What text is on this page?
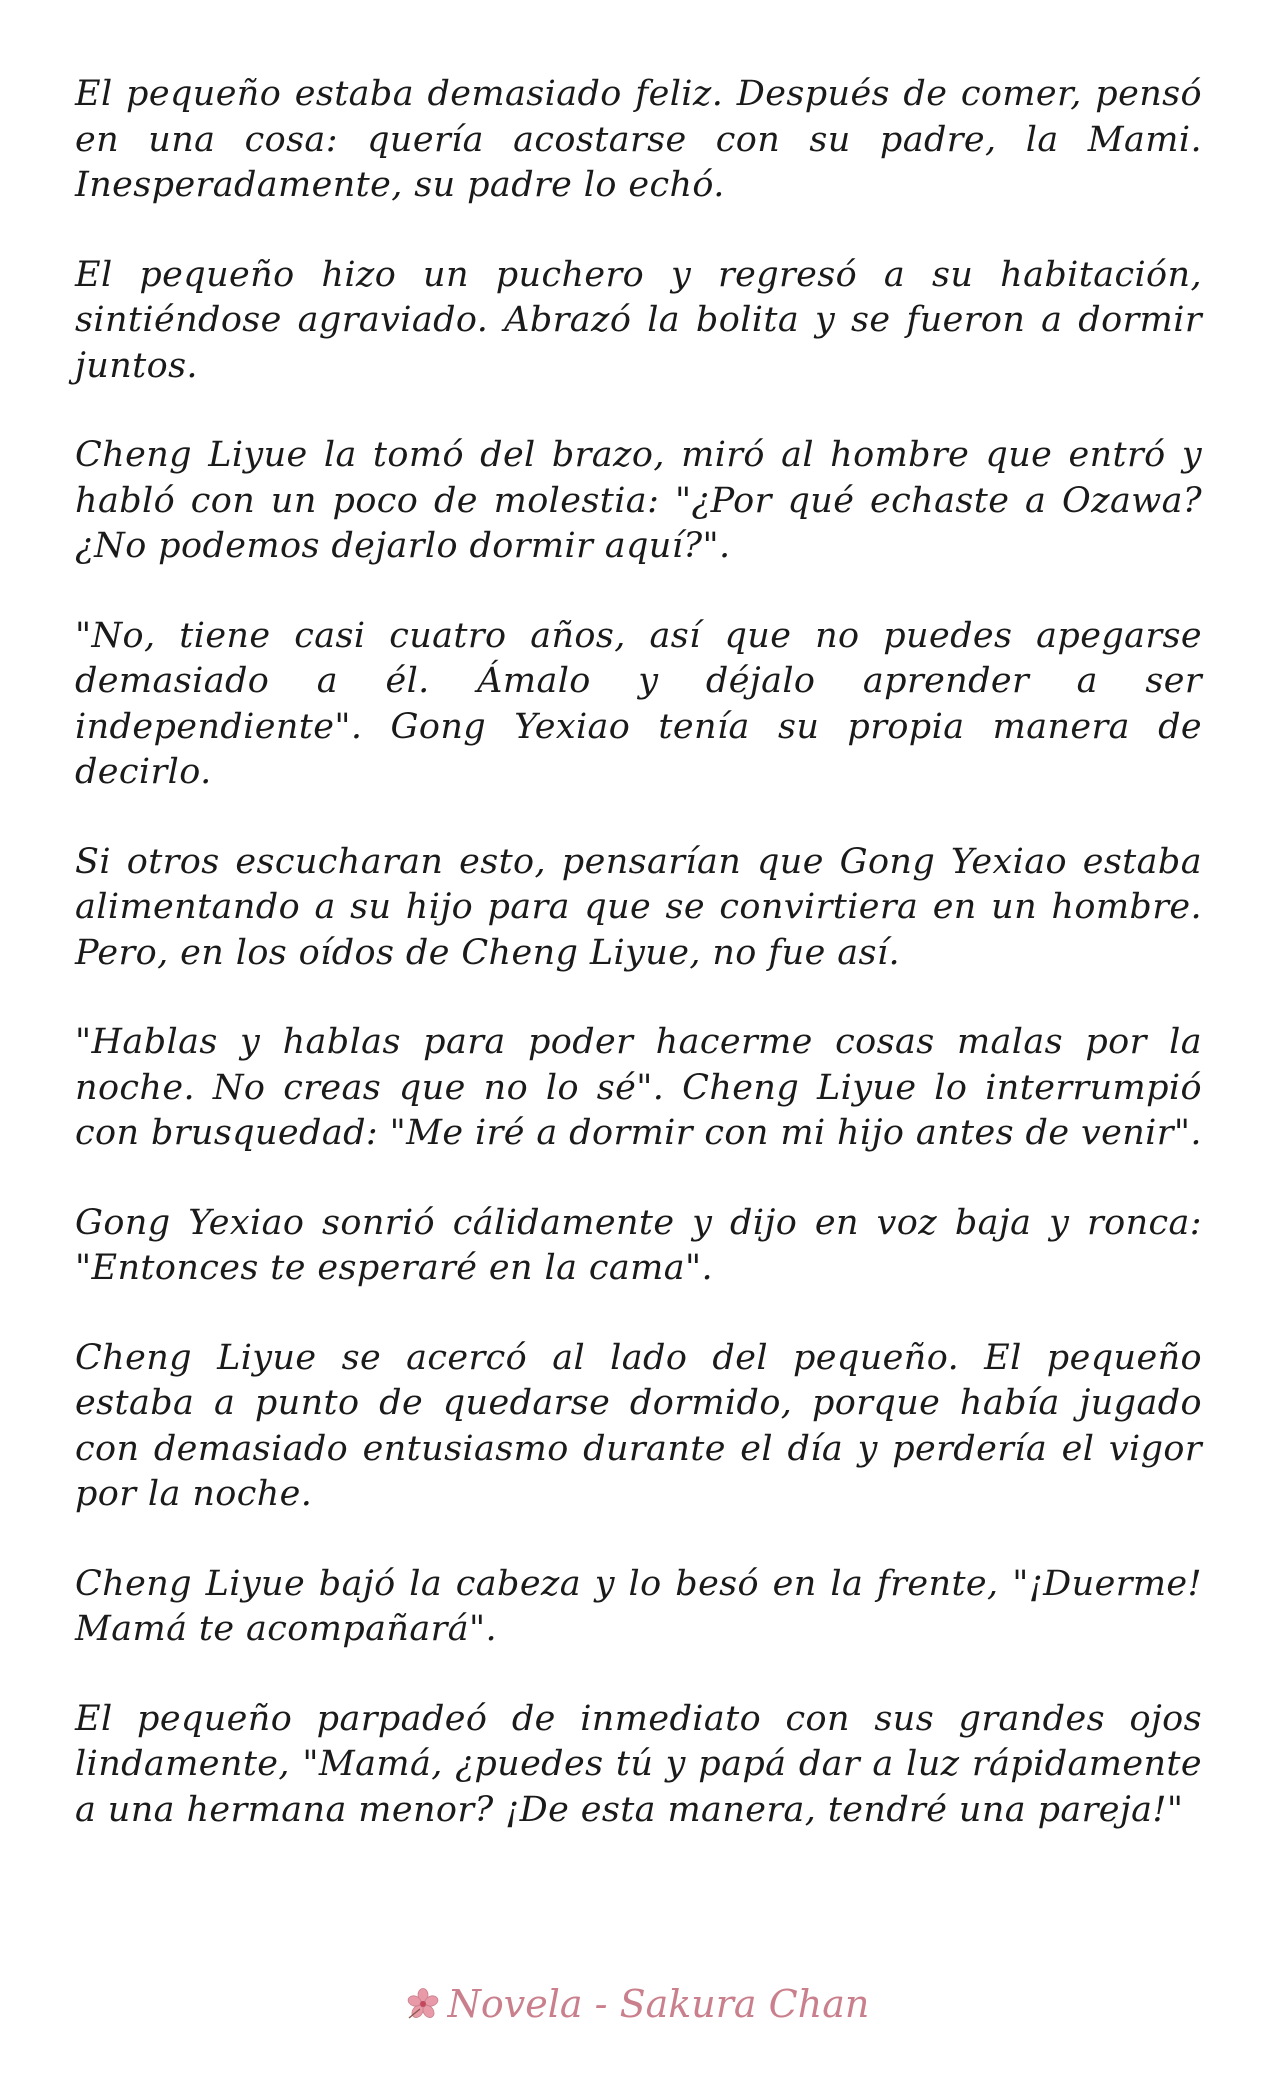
El pequeño estaba demasiado feliz. Después de comer, pensó en una cosa: quería acostarse con su padre, la Mami. Inesperadamente, su padre lo echó.

El pequeño hizo un puchero y regresó a su habitación, sintiéndose agraviado. Abrazó la bolita y se fueron a dormir juntos.

Cheng Liyue la tomó del brazo, miró al hombre que entró y habló con un poco de molestia: "¿Por qué echaste a Ozawa? ¿No podemos dejarlo dormir aquí?".

"No, tiene casi cuatro años, así que no puedes apegarse demasiado a él. Ámalo y déjalo aprender a ser independiente". Gong Yexiao tenía su propia manera de decirlo.

Si otros escucharan esto, pensarían que Gong Yexiao estaba alimentando a su hijo para que se convirtiera en un hombre. Pero, en los oídos de Cheng Liyue, no fue así.

"Hablas y hablas para poder hacerme cosas malas por la noche. No creas que no lo sé". Cheng Liyue lo interrumpió con brusquedad: "Me iré a dormir con mi hijo antes de venir".

Gong Yexiao sonrió cálidamente y dijo en voz baja y ronca: "Entonces te esperaré en la cama".

Cheng Liyue se acercó al lado del pequeño. El pequeño estaba a punto de quedarse dormido, porque había jugado con demasiado entusiasmo durante el día y perdería el vigor por la noche.

Cheng Liyue bajó la cabeza y lo besó en la frente, "¡Duerme! Mamá te acompañará".

El pequeño parpadeó de inmediato con sus grandes ojos lindamente, "Mamá, ¿puedes tú y papá dar a luz rápidamente a una hermana menor? ¡De esta manera, tendré una pareja!"

Novela - Sakura Chan
